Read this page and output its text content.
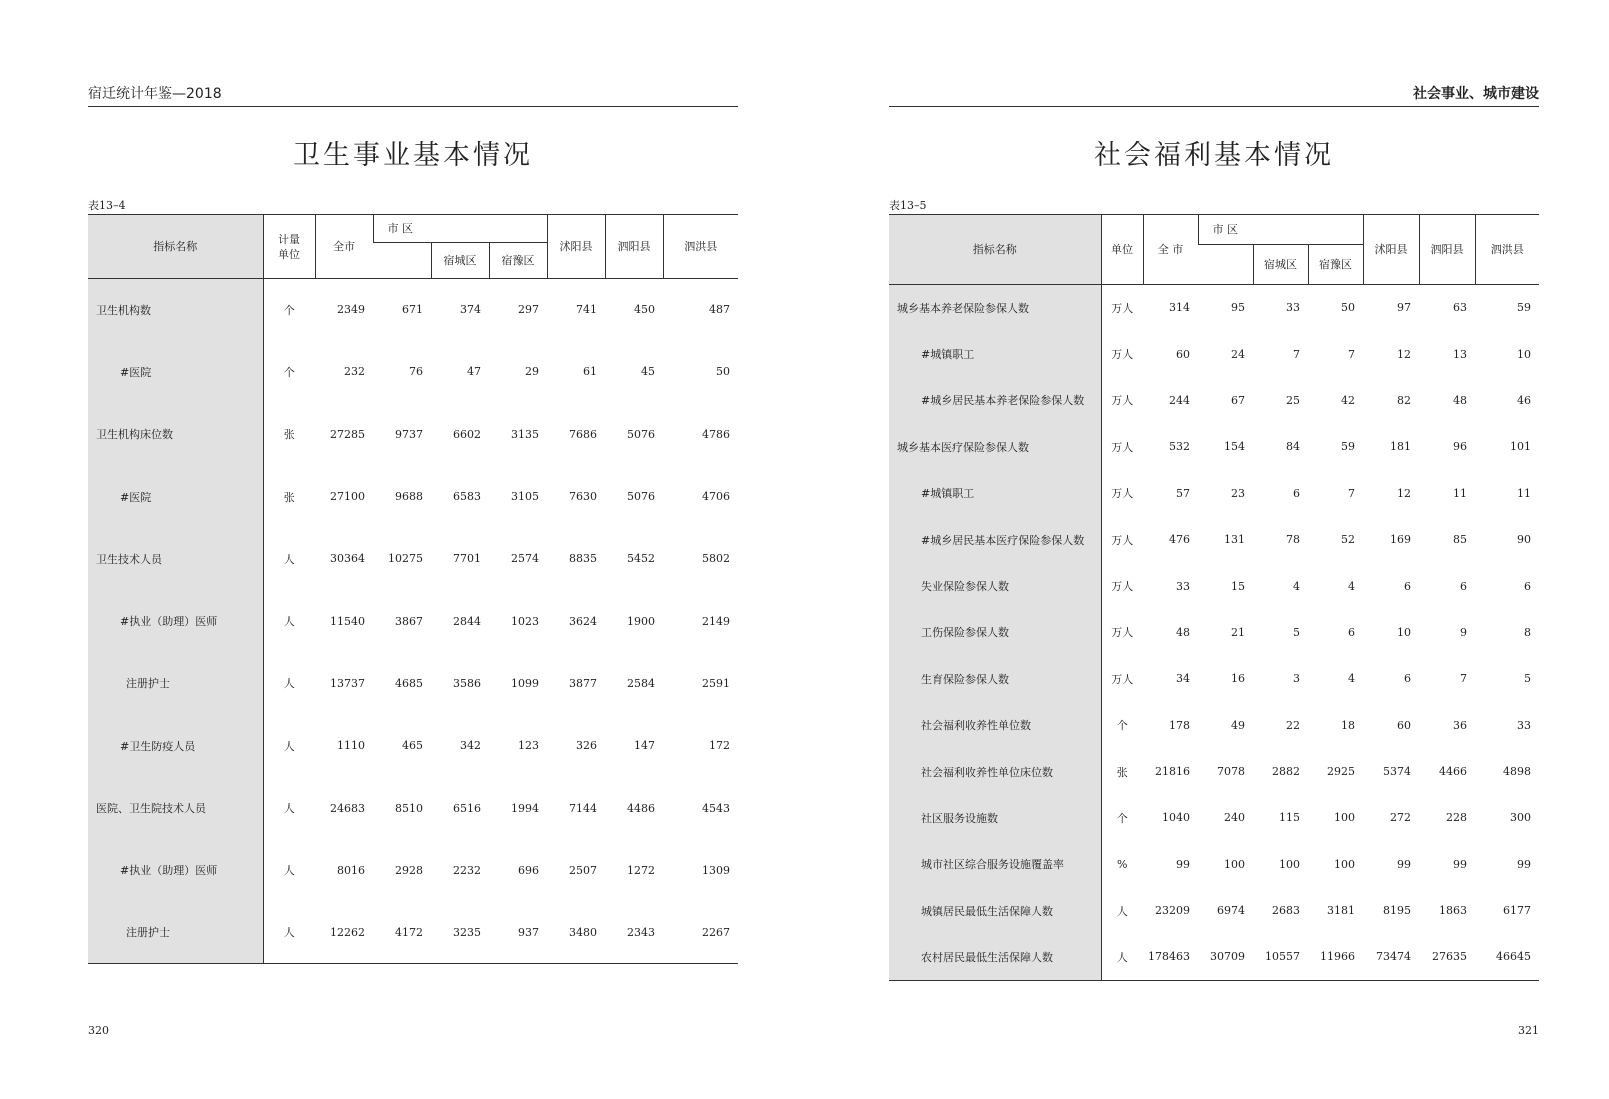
宿迁统计年鉴—2018
卫生事业基本情况
表13–4
指标名称	计量
单位	全市	市 区			沭阳县	泗阳县	泗洪县
				宿城区	宿豫区			
卫生机构数	个	2349	671	374	297	741	450	487
#医院	个	232	76	47	29	61	45	50
卫生机构床位数	张	27285	9737	6602	3135	7686	5076	4786
#医院	张	27100	9688	6583	3105	7630	5076	4706
卫生技术人员	人	30364	10275	7701	2574	8835	5452	5802
#执业（助理）医师	人	11540	3867	2844	1023	3624	1900	2149
注册护士	人	13737	4685	3586	1099	3877	2584	2591
#卫生防疫人员	人	1110	465	342	123	326	147	172
医院、卫生院技术人员	人	24683	8510	6516	1994	7144	4486	4543
#执业（助理）医师	人	8016	2928	2232	696	2507	1272	1309
注册护士	人	12262	4172	3235	937	3480	2343	2267
320
社会事业、城市建设
社会福利基本情况
表13–5
指标名称	单位	全 市	市 区			沭阳县	泗阳县	泗洪县
				宿城区	宿豫区			
城乡基本养老保险参保人数	万人	314	95	33	50	97	63	59
#城镇职工	万人	60	24	7	7	12	13	10
#城乡居民基本养老保险参保人数	万人	244	67	25	42	82	48	46
城乡基本医疗保险参保人数	万人	532	154	84	59	181	96	101
#城镇职工	万人	57	23	6	7	12	11	11
#城乡居民基本医疗保险参保人数	万人	476	131	78	52	169	85	90
失业保险参保人数	万人	33	15	4	4	6	6	6
工伤保险参保人数	万人	48	21	5	6	10	9	8
生育保险参保人数	万人	34	16	3	4	6	7	5
社会福利收养性单位数	个	178	49	22	18	60	36	33
社会福利收养性单位床位数	张	21816	7078	2882	2925	5374	4466	4898
社区服务设施数	个	1040	240	115	100	272	228	300
城市社区综合服务设施覆盖率	%	99	100	100	100	99	99	99
城镇居民最低生活保障人数	人	23209	6974	2683	3181	8195	1863	6177
农村居民最低生活保障人数	人	178463	30709	10557	11966	73474	27635	46645
321
